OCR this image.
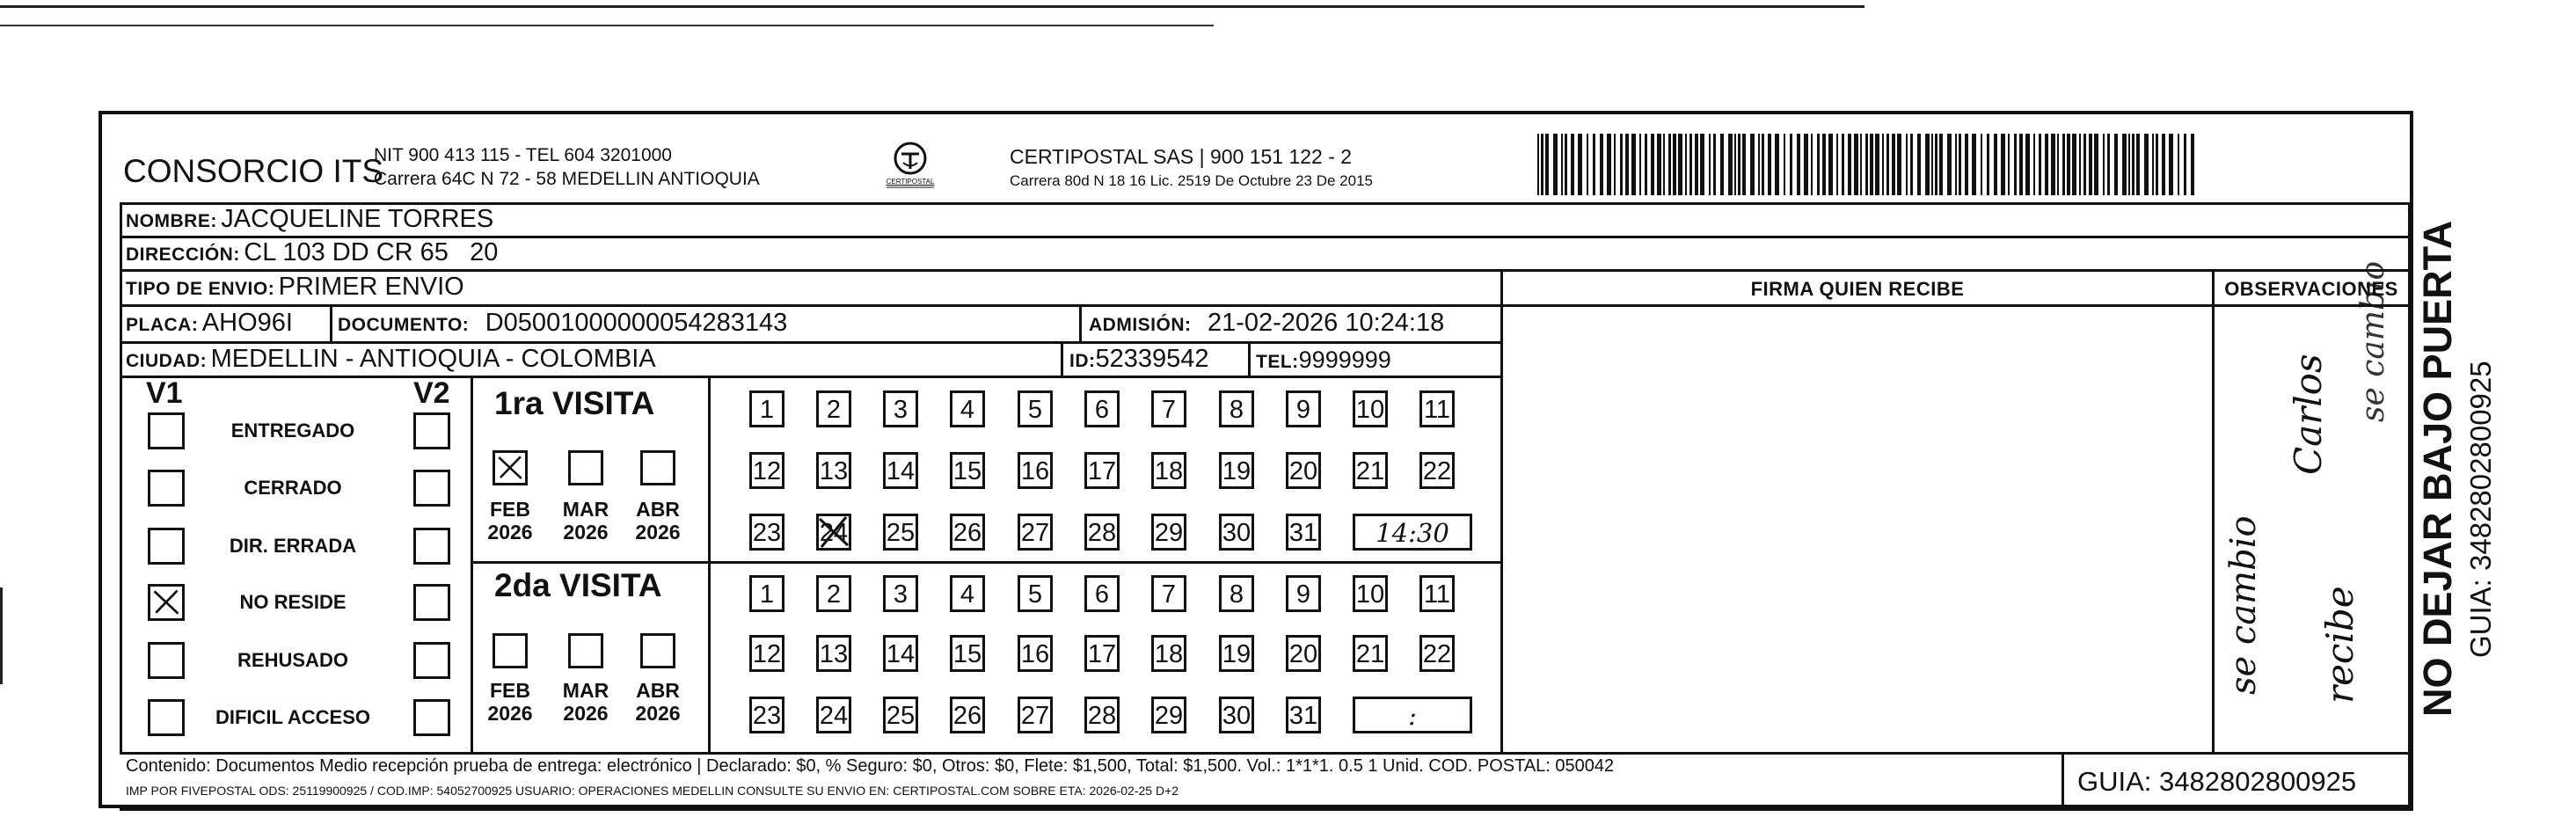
CONSORCIO ITS
NIT 900 413 115 - TEL 604 3201000
Carrera 64C N 72 - 58 MEDELLIN ANTIOQUIA	CERTIPOSTAL
CERTIPOSTAL SAS | 900 151 122 - 2
Carrera 80d N 18 16 Lic. 2519 De Octubre 23 De 2015
NOMBRE: JACQUELINE TORRES
DIRECCIÓN: CL 103 DD CR 65   20
TIPO DE ENVIO: PRIMER ENVIO
PLACA: AHO96I DOCUMENTO: D05001000000054283143	ADMISIÓN: 21-02-2026 10:24:18
CIUDAD: MEDELLIN - ANTIOQUIA - COLOMBIA	ID:52339542	TEL:9999999
FIRMA QUIEN RECIBE	OBSERVACIONES
V1	V2
ENTREGADO
CERRADO
DIR. ERRADA
NO RESIDE
REHUSADO
DIFICIL ACCESO
1ra VISITA
FEB
2026
MAR
2026
ABR
2026
1	2	3	4	5	6	7	8	9	10 11
12 13 14 15 16 17 18 19 20 21 22
23 24 25 26 27 28 29 30 31	14:30
2da VISITA
FEB
2026
MAR
2026
ABR
2026
1	2	3	4	5	6	7	8	9	10 11
12 13 14 15 16 17 18 19 20 21 22
23 24 25 26 27 28 29 30 31	:
se cambio
Carlos
recibe
se cambio
Contenido: Documentos Medio recepción prueba de entrega: electrónico | Declarado: $0, % Seguro: $0, Otros: $0, Flete: $1,500, Total: $1,500. Vol.: 1*1*1. 0.5 1 Unid. COD. POSTAL: 050042
IMP POR FIVEPOSTAL ODS: 25119900925 / COD.IMP: 54052700925 USUARIO: OPERACIONES MEDELLIN CONSULTE SU ENVIO EN: CERTIPOSTAL.COM SOBRE ETA: 2026-02-25 D+2	GUIA: 3482802800925
NO DEJAR BAJO PUERTA GUIA: 3482802800925
